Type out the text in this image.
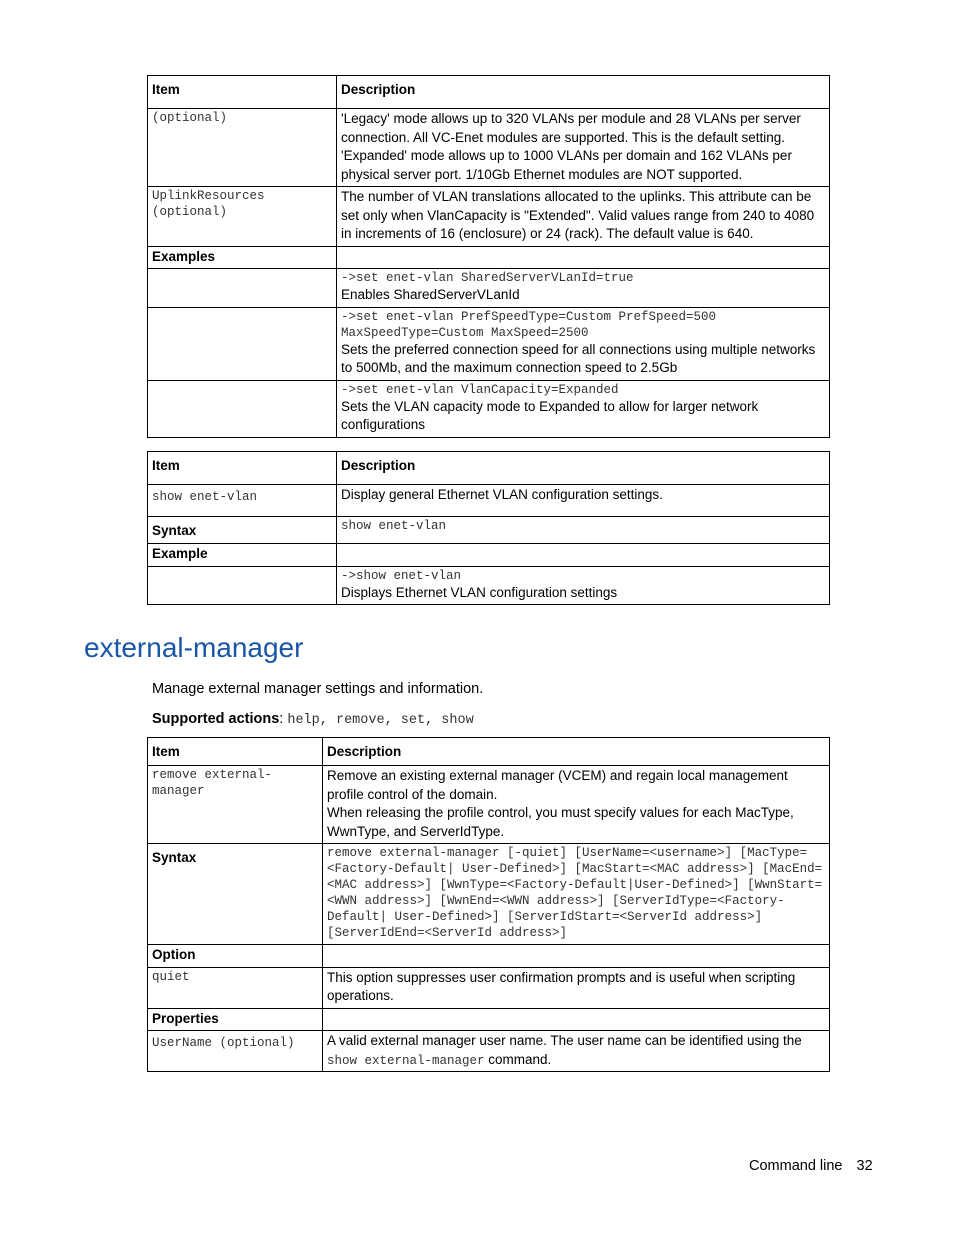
Item	Description

(optional)	'Legacy' mode allows up to 320 VLANs per module and 28 VLANs per server connection. All VC-Enet modules are supported. This is the default setting. 'Expanded' mode allows up to 1000 VLANs per domain and 162 VLANs per physical server port. 1/10Gb Ethernet modules are NOT supported.

UplinkResources (optional)	The number of VLAN translations allocated to the uplinks. This attribute can be set only when VlanCapacity is "Extended". Valid values range from 240 to 4080 in increments of 16 (enclosure) or 24 (rack). The default value is 640.
Examples	

	->set enet-vlan SharedServerVLanId=true
Enables SharedServerVLanId

	->set enet-vlan PrefSpeedType=Custom PrefSpeed=500 MaxSpeedType=Custom MaxSpeed=2500
Sets the preferred connection speed for all connections using multiple networks to 500Mb, and the maximum connection speed to 2.5Gb

	->set enet-vlan VlanCapacity=Expanded
Sets the VLAN capacity mode to Expanded to allow for larger network configurations
Item	Description

show enet-vlan	Display general Ethernet VLAN configuration settings.
Syntax	show enet-vlan

Example	

	->show enet-vlan
Displays Ethernet VLAN configuration settings
external-manager
Manage external manager settings and information.
Supported actions: help, remove, set, show
Item	Description

remove external-manager	Remove an existing external manager (VCEM) and regain local management profile control of the domain.
When releasing the profile control, you must specify values for each MacType, WwnType, and ServerIdType.

Syntax	remove external-manager [-quiet] [UserName=<username>] [MacType=<Factory-Default| User-Defined>] [MacStart=<MAC address>] [MacEnd=<MAC address>] [WwnType=<Factory-Default|User-Defined>] [WwnStart=<WWN address>] [WwnEnd=<WWN address>] [ServerIdType=<Factory-Default| User-Defined>] [ServerIdStart=<ServerId address>] [ServerIdEnd=<ServerId address>]

Option	

quiet	This option suppresses user confirmation prompts and is useful when scripting operations.
Properties	

UserName (optional)	A valid external manager user name. The user name can be identified using the show external-manager command.
Command line 32
